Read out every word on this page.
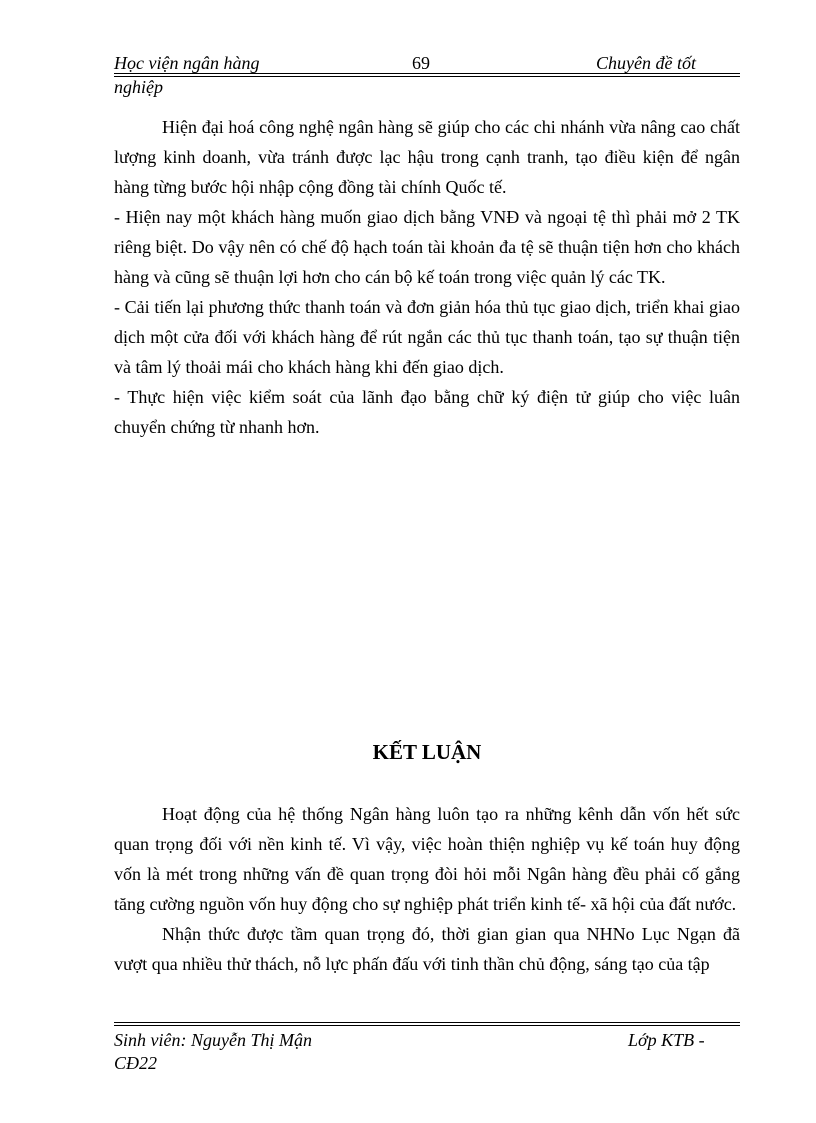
Học viện ngân hàng	69	Chuyên đề tốt
nghiệp

Hiện đại hoá công nghệ ngân hàng sẽ giúp cho các chi nhánh vừa nâng cao chất lượng kinh doanh, vừa tránh được lạc hậu trong cạnh tranh, tạo điều kiện để ngân hàng từng bước hội nhập cộng đồng tài chính Quốc tế.

- Hiện nay một khách hàng muốn giao dịch bằng VNĐ và ngoại tệ thì phải mở 2 TK riêng biệt. Do vậy nên có chế độ hạch toán tài khoản đa tệ sẽ thuận tiện hơn cho khách hàng và cũng sẽ thuận lợi hơn cho cán bộ kế toán trong việc quản lý các TK.

- Cải tiến lại phương thức thanh toán và đơn giản hóa thủ tục giao dịch, triển khai giao dịch một cửa đối với khách hàng để rút ngắn các thủ tục thanh toán, tạo sự thuận tiện và tâm lý thoải mái cho khách hàng khi đến giao dịch.

- Thực hiện việc kiểm soát của lãnh đạo bằng chữ ký điện tử giúp cho việc luân chuyển chứng từ nhanh hơn.

KẾT LUẬN

Hoạt động của hệ thống Ngân hàng luôn tạo ra những kênh dẫn vốn hết sức quan trọng đối với nền kinh tế. Vì vậy, việc hoàn thiện nghiệp vụ kế toán huy động vốn là mét trong những vấn đề quan trọng đòi hỏi mỗi Ngân hàng đều phải cố gắng tăng cường nguồn vốn huy động cho sự nghiệp phát triển kinh tế- xã hội của đất nước.

Nhận thức được tầm quan trọng đó, thời gian gian qua NHNo Lục Ngạn đã vượt qua nhiều thử thách, nỗ lực phấn đấu với tinh thần chủ động, sáng tạo của tập

Sinh viên: Nguyễn Thị Mận	Lớp KTB -
CĐ22
